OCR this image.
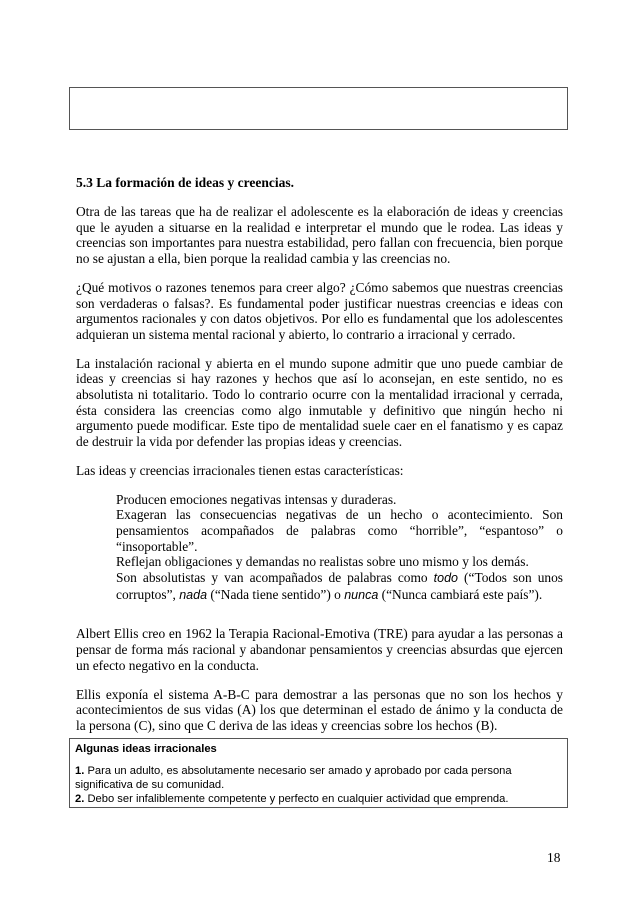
5.3 La formación de ideas y creencias.

Otra de las tareas que ha de realizar el adolescente es la elaboración de ideas y creencias que le ayuden a situarse en la realidad e interpretar el mundo que le rodea. Las ideas y creencias son importantes para nuestra estabilidad, pero fallan con frecuencia, bien porque no se ajustan a ella, bien porque la realidad cambia y las creencias no.

¿Qué motivos o razones tenemos para creer algo? ¿Cómo sabemos que nuestras creencias son verdaderas o falsas?. Es fundamental poder justificar nuestras creencias e ideas con argumentos racionales y con datos objetivos. Por ello es fundamental que los adolescentes adquieran un sistema mental racional y abierto, lo contrario a irracional y cerrado.

La instalación racional y abierta en el mundo supone admitir que uno puede cambiar de ideas y creencias si hay razones y hechos que así lo aconsejan, en este sentido, no es absolutista ni totalitario. Todo lo contrario ocurre con la mentalidad irracional y cerrada, ésta considera las creencias como algo inmutable y definitivo que ningún hecho ni argumento puede modificar. Este tipo de mentalidad suele caer en el fanatismo y es capaz de destruir la vida por defender las propias ideas y creencias.

Las ideas y creencias irracionales tienen estas características:

Producen emociones negativas intensas y duraderas.
Exageran las consecuencias negativas de un hecho o acontecimiento. Son pensamientos acompañados de palabras como “horrible”, “espantoso” o “insoportable”.
Reflejan obligaciones y demandas no realistas sobre uno mismo y los demás.
Son absolutistas y van acompañados de palabras como todo (“Todos son unos corruptos”, nada (“Nada tiene sentido”) o nunca (“Nunca cambiará este país”).

Albert Ellis creo en 1962 la Terapia Racional-Emotiva (TRE) para ayudar a las personas a pensar de forma más racional y abandonar pensamientos y creencias absurdas que ejercen un efecto negativo en la conducta.

Ellis exponía el sistema A-B-C para demostrar a las personas que no son los hechos y acontecimientos de sus vidas (A) los que determinan el estado de ánimo y la conducta de la persona (C), sino que C deriva de las ideas y creencias sobre los hechos (B).

Algunas ideas irracionales
1. Para un adulto, es absolutamente necesario ser amado y aprobado por cada persona significativa de su comunidad.
2. Debo ser infaliblemente competente y perfecto en cualquier actividad que emprenda.
18
